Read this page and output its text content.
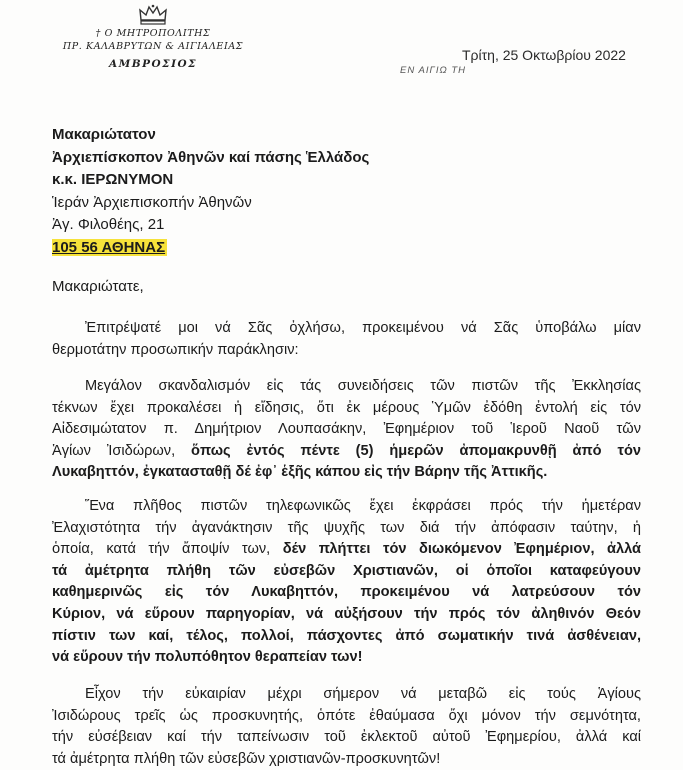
† Ο ΜΗΤΡΟΠΟΛΙΤΗΣ
ΠΡ. ΚΑΛΑΒΡΥΤΩΝ & ΑΙΓΙΑΛΕΙΑΣ
ΑΜΒΡΟΣΙΟΣ
Τρίτη, 25 Οκτωβρίου 2022
ΕΝ ΑΙΓΙΩ ΤΗ
Μακαριώτατον
Ἀρχιεπίσκοπον Ἀθηνῶν καί πάσης Ἑλλάδος
κ.κ. ΙΕΡΩΝΥΜΟΝ
Ἱεράν Ἀρχιεπισκοπήν Ἀθηνῶν
Ἀγ. Φιλοθέης, 21
105 56 ΑΘΗΝΑΣ
Μακαριώτατε,
Ἐπιτρέψατέ μοι νά Σᾶς ὀχλήσω, προκειμένου νά Σᾶς ὑποβάλω μίαν
θερμοτάτην προσωπικήν παράκλησιν:
Μεγάλον σκανδαλισμόν εἰς τάς συνειδήσεις τῶν πιστῶν τῆς Ἐκκλησίας
τέκνων ἔχει προκαλέσει ἡ εἴδησις, ὅτι ἐκ μέρους Ὑμῶν ἐδόθη ἐντολή εἰς τόν
Αἰδεσιμώτατον π. Δημήτριον Λουπασάκην, Ἐφημέριον τοῦ Ἱεροῦ Ναοῦ τῶν
Ἁγίων Ἰσιδώρων, ὅπως ἐντός πέντε (5) ἡμερῶν ἀπομακρυνθῇ ἀπό τόν
Λυκαβηττόν, ἐγκατασταθῇ δέ ἐφ᾽ ἑξῆς κάπου εἰς τήν Βάρην τῆς Ἀττικῆς.
Ἕνα πλῆθος πιστῶν τηλεφωνικῶς ἔχει ἐκφράσει πρός τήν ἡμετέραν
Ἐλαχιστότητα τήν ἀγανάκτησιν τῆς ψυχῆς των διά τήν ἀπόφασιν ταύτην, ἡ
ὁποία, κατά τήν ἄποψίν των, δέν πλήττει τόν διωκόμενον Ἐφημέριον, ἀλλά
τά ἀμέτρητα πλήθη τῶν εὐσεβῶν Χριστιανῶν, οἱ ὁποῖοι καταφεύγουν
καθημερινῶς εἰς τόν Λυκαβηττόν, προκειμένου νά λατρεύσουν τόν
Κύριον, νά εὕρουν παρηγορίαν, νά αὐξήσουν τήν πρός τόν ἀληθινόν Θεόν
πίστιν των καί, τέλος, πολλοί, πάσχοντες ἀπό σωματικήν τινά ἀσθένειαν,
νά εὕρουν τήν πολυπόθητον θεραπείαν των!
Εἶχον τήν εὐκαιρίαν μέχρι σήμερον νά μεταβῶ εἰς τούς Ἁγίους
Ἰσιδώρους τρεῖς ὡς προσκυνητής, ὁπότε ἐθαύμασα ὄχι μόνον τήν σεμνότητα,
τήν εὐσέβειαν καί τήν ταπείνωσιν τοῦ ἐκλεκτοῦ αὐτοῦ Ἐφημερίου, ἀλλά καί
τά ἀμέτρητα πλήθη τῶν εὐσεβῶν χριστιανῶν-προσκυνητῶν!
